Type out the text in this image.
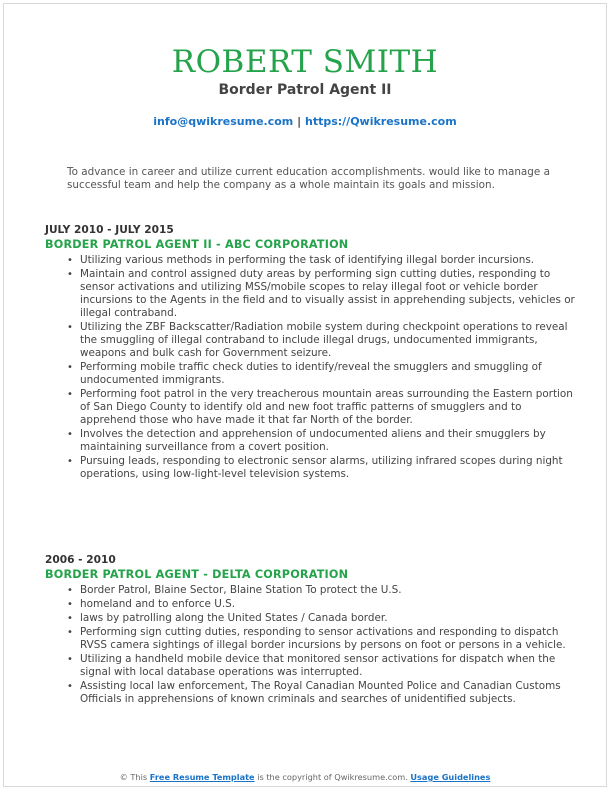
ROBERT SMITH
Border Patrol Agent II
info@qwikresume.com | https://Qwikresume.com
To advance in career and utilize current education accomplishments. would like to manage a successful team and help the company as a whole maintain its goals and mission.
JULY 2010 - JULY 2015
BORDER PATROL AGENT II - ABC CORPORATION
• Utilizing various methods in performing the task of identifying illegal border incursions.
• Maintain and control assigned duty areas by performing sign cutting duties, responding to sensor activations and utilizing MSS/mobile scopes to relay illegal foot or vehicle border incursions to the Agents in the field and to visually assist in apprehending subjects, vehicles or illegal contraband.
• Utilizing the ZBF Backscatter/Radiation mobile system during checkpoint operations to reveal the smuggling of illegal contraband to include illegal drugs, undocumented immigrants, weapons and bulk cash for Government seizure.
• Performing mobile traffic check duties to identify/reveal the smugglers and smuggling of undocumented immigrants.
• Performing foot patrol in the very treacherous mountain areas surrounding the Eastern portion of San Diego County to identify old and new foot traffic patterns of smugglers and to apprehend those who have made it that far North of the border.
• Involves the detection and apprehension of undocumented aliens and their smugglers by maintaining surveillance from a covert position.
• Pursuing leads, responding to electronic sensor alarms, utilizing infrared scopes during night operations, using low-light-level television systems.
2006 - 2010
BORDER PATROL AGENT - DELTA CORPORATION
• Border Patrol, Blaine Sector, Blaine Station To protect the U.S.
• homeland and to enforce U.S.
• laws by patrolling along the United States / Canada border.
• Performing sign cutting duties, responding to sensor activations and responding to dispatch RVSS camera sightings of illegal border incursions by persons on foot or persons in a vehicle.
• Utilizing a handheld mobile device that monitored sensor activations for dispatch when the signal with local database operations was interrupted.
• Assisting local law enforcement, The Royal Canadian Mounted Police and Canadian Customs Officials in apprehensions of known criminals and searches of unidentified subjects.
© This Free Resume Template is the copyright of Qwikresume.com. Usage Guidelines
